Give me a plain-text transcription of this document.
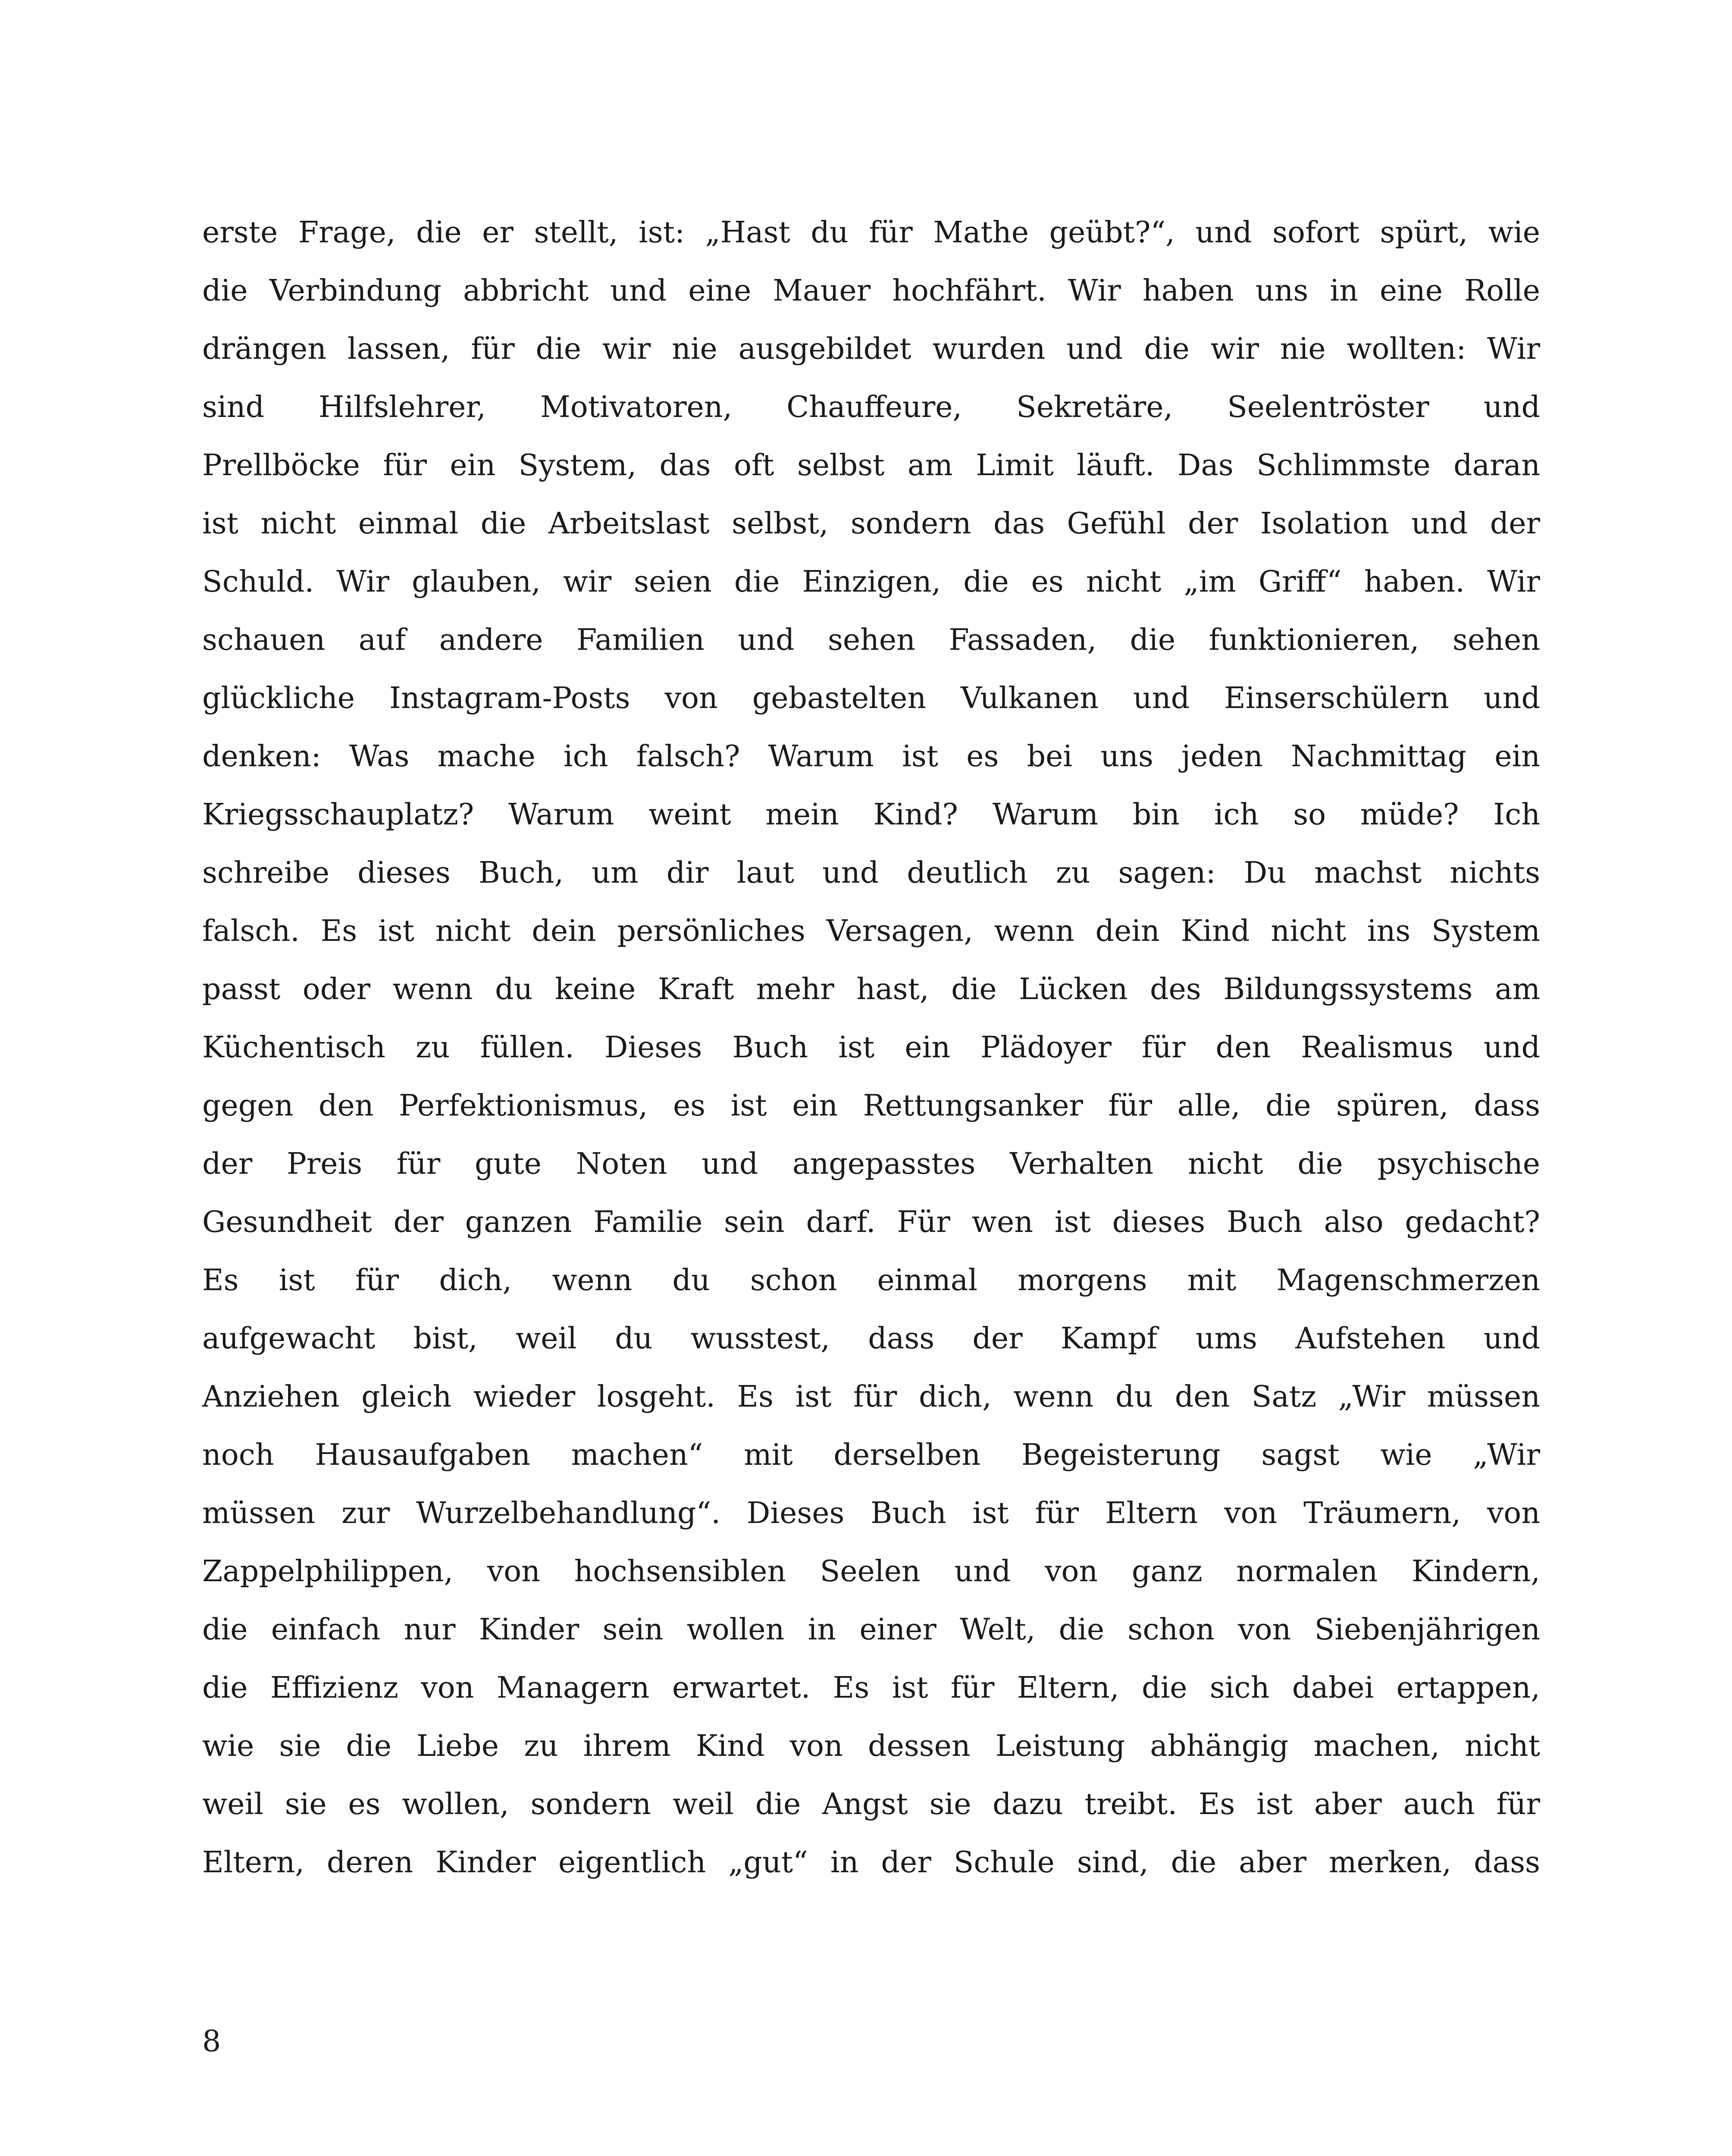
erste Frage, die er stellt, ist: „Hast du für Mathe geübt?“, und sofort spürt, wie
die Verbindung abbricht und eine Mauer hochfährt. Wir haben uns in eine Rolle
drängen lassen, für die wir nie ausgebildet wurden und die wir nie wollten: Wir
sind Hilfslehrer, Motivatoren, Chauffeure, Sekretäre, Seelentröster und
Prellböcke für ein System, das oft selbst am Limit läuft. Das Schlimmste daran
ist nicht einmal die Arbeitslast selbst, sondern das Gefühl der Isolation und der
Schuld. Wir glauben, wir seien die Einzigen, die es nicht „im Griff“ haben. Wir
schauen auf andere Familien und sehen Fassaden, die funktionieren, sehen
glückliche Instagram-Posts von gebastelten Vulkanen und Einserschülern und
denken: Was mache ich falsch? Warum ist es bei uns jeden Nachmittag ein
Kriegsschauplatz? Warum weint mein Kind? Warum bin ich so müde? Ich
schreibe dieses Buch, um dir laut und deutlich zu sagen: Du machst nichts
falsch. Es ist nicht dein persönliches Versagen, wenn dein Kind nicht ins System
passt oder wenn du keine Kraft mehr hast, die Lücken des Bildungssystems am
Küchentisch zu füllen. Dieses Buch ist ein Plädoyer für den Realismus und
gegen den Perfektionismus, es ist ein Rettungsanker für alle, die spüren, dass
der Preis für gute Noten und angepasstes Verhalten nicht die psychische
Gesundheit der ganzen Familie sein darf. Für wen ist dieses Buch also gedacht?
Es ist für dich, wenn du schon einmal morgens mit Magenschmerzen
aufgewacht bist, weil du wusstest, dass der Kampf ums Aufstehen und
Anziehen gleich wieder losgeht. Es ist für dich, wenn du den Satz „Wir müssen
noch Hausaufgaben machen“ mit derselben Begeisterung sagst wie „Wir
müssen zur Wurzelbehandlung“. Dieses Buch ist für Eltern von Träumern, von
Zappelphilippen, von hochsensiblen Seelen und von ganz normalen Kindern,
die einfach nur Kinder sein wollen in einer Welt, die schon von Siebenjährigen
die Effizienz von Managern erwartet. Es ist für Eltern, die sich dabei ertappen,
wie sie die Liebe zu ihrem Kind von dessen Leistung abhängig machen, nicht
weil sie es wollen, sondern weil die Angst sie dazu treibt. Es ist aber auch für
Eltern, deren Kinder eigentlich „gut“ in der Schule sind, die aber merken, dass
8
